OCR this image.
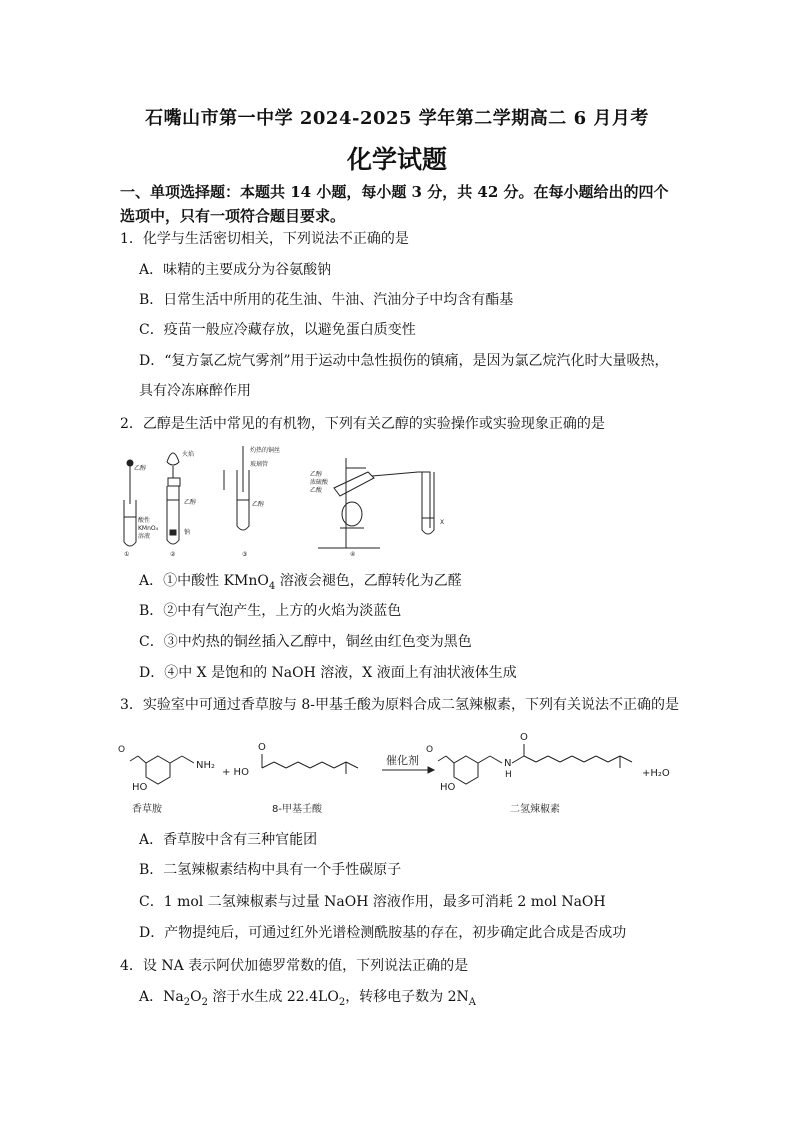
石嘴山市第一中学 2024-2025 学年第二学期高二 6 月月考
化学试题
一、单项选择题：本题共 14 小题，每小题 3 分，共 42 分。在每小题给出的四个选项中，只有一项符合题目要求。
1．化学与生活密切相关，下列说法不正确的是
A．味精的主要成分为谷氨酸钠
B．日常生活中所用的花生油、牛油、汽油分子中均含有酯基
C．疫苗一般应冷藏存放，以避免蛋白质变性
D．“复方氯乙烷气雾剂”用于运动中急性损伤的镇痛，是因为氯乙烷汽化时大量吸热，具有冷冻麻醉作用
2．乙醇是生活中常见的有机物，下列有关乙醇的实验操作或实验现象正确的是
乙醇
酸性
KMnO₄
溶液
火焰
乙醇
钠
灼热的铜丝
玻璃管
乙醇
乙醇
浓硫酸
乙酸
X
①	②	③	④
A．①中酸性 KMnO$_4$ 溶液会褪色，乙醇转化为乙醛
B．②中有气泡产生，上方的火焰为淡蓝色
C．③中灼热的铜丝插入乙醇中，铜丝由红色变为黑色
D．④中 X 是饱和的 NaOH 溶液，X 液面上有油状液体生成
3．实验室中可通过香草胺与 8-甲基壬酸为原料合成二氢辣椒素，下列有关说法不正确的是
O
NH₂
HO
+ HO
O
催化剂
O
HO
O
N
H	+H₂O
香草胺	8-甲基壬酸	二氢辣椒素
A．香草胺中含有三种官能团
B．二氢辣椒素结构中具有一个手性碳原子
C．1 mol 二氢辣椒素与过量 NaOH 溶液作用，最多可消耗 2 mol NaOH
D．产物提纯后，可通过红外光谱检测酰胺基的存在，初步确定此合成是否成功
4．设 NA 表示阿伏加德罗常数的值，下列说法正确的是
A．$Na_2O_2$ 溶于水生成 $22.4LO_2$，转移电子数为 $2N_A$
